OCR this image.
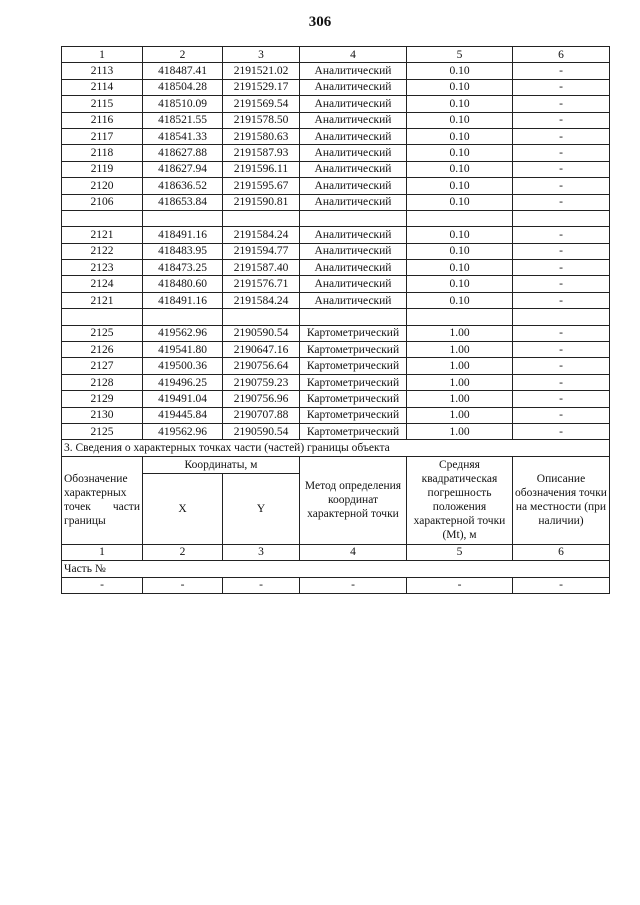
306
1	2	3	4	5	6
2113	418487.41	2191521.02	Аналитический	0.10	-
2114	418504.28	2191529.17	Аналитический	0.10	-
2115	418510.09	2191569.54	Аналитический	0.10	-
2116	418521.55	2191578.50	Аналитический	0.10	-
2117	418541.33	2191580.63	Аналитический	0.10	-
2118	418627.88	2191587.93	Аналитический	0.10	-
2119	418627.94	2191596.11	Аналитический	0.10	-
2120	418636.52	2191595.67	Аналитический	0.10	-
2106	418653.84	2191590.81	Аналитический	0.10	-

2121	418491.16	2191584.24	Аналитический	0.10	-
2122	418483.95	2191594.77	Аналитический	0.10	-
2123	418473.25	2191587.40	Аналитический	0.10	-
2124	418480.60	2191576.71	Аналитический	0.10	-
2121	418491.16	2191584.24	Аналитический	0.10	-

2125	419562.96	2190590.54	Картометрический	1.00	-
2126	419541.80	2190647.16	Картометрический	1.00	-
2127	419500.36	2190756.64	Картометрический	1.00	-
2128	419496.25	2190759.23	Картометрический	1.00	-
2129	419491.04	2190756.96	Картометрический	1.00	-
2130	419445.84	2190707.88	Картометрический	1.00	-
2125	419562.96	2190590.54	Картометрический	1.00	-
3. Сведения о характерных точках части (частей) границы объекта					
Обозначение характерных точек части границы	Координаты, м		Метод определения координат характерной точки	Средняя квадратическая погрешность положения характерной точки (Mt), м	Описание обозначения точки на местности (при наличии)
	X	Y			
1	2	3	4	5	6
Часть №					
-	-	-	-	-	-
